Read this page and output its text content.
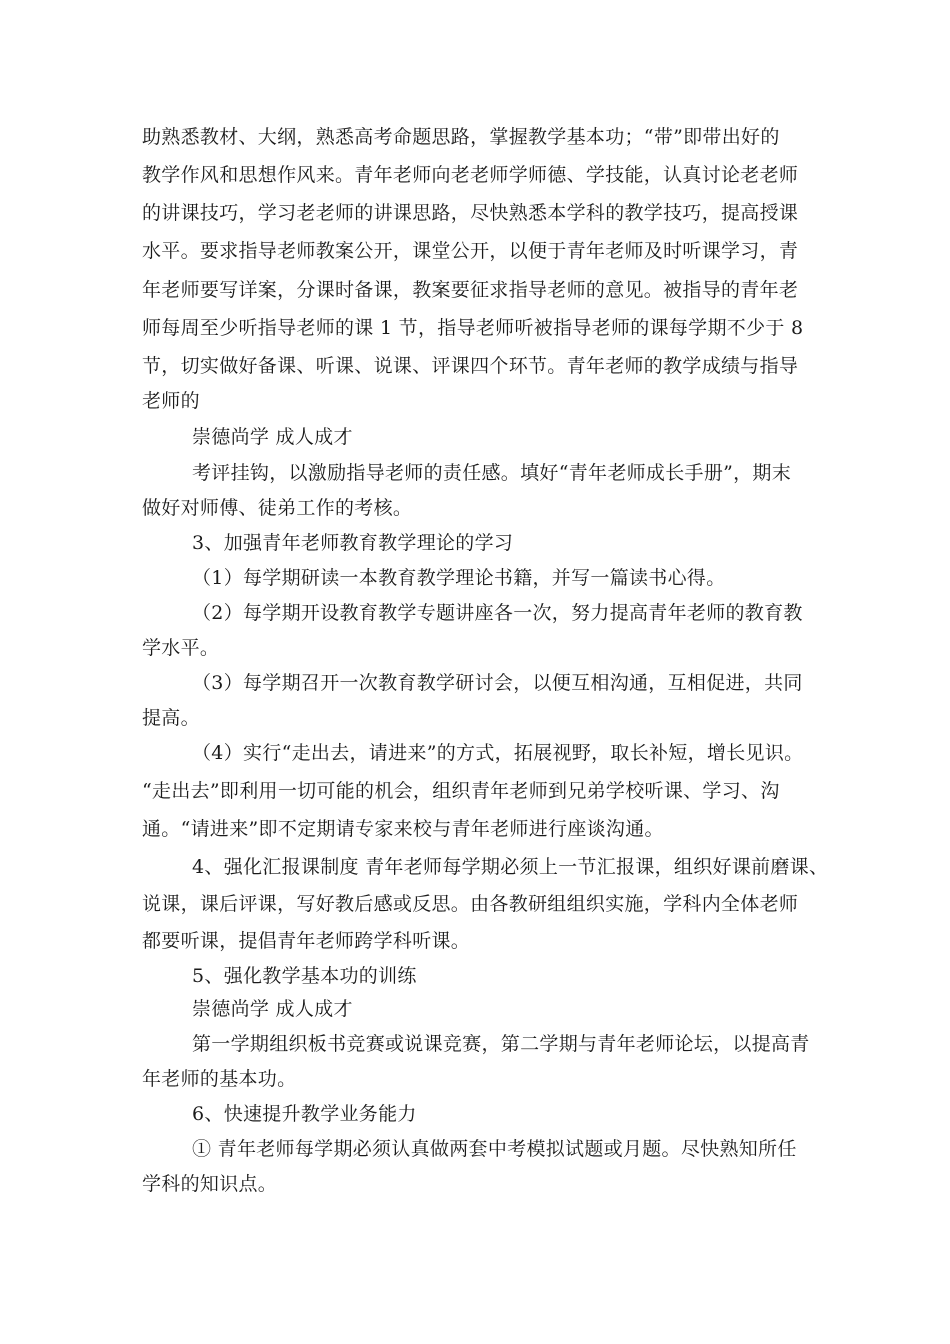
助熟悉教材、大纲，熟悉高考命题思路，掌握教学基本功；“带”即带出好的
教学作风和思想作风来。青年老师向老老师学师德、学技能，认真讨论老老师
的讲课技巧，学习老老师的讲课思路，尽快熟悉本学科的教学技巧，提高授课
水平。要求指导老师教案公开，课堂公开，以便于青年老师及时听课学习，青
年老师要写详案，分课时备课，教案要征求指导老师的意见。被指导的青年老
师每周至少听指导老师的课 1 节，指导老师听被指导老师的课每学期不少于 8
节，切实做好备课、听课、说课、评课四个环节。青年老师的教学成绩与指导
老师的
崇德尚学 成人成才
考评挂钩，以激励指导老师的责任感。填好“青年老师成长手册”，期末
做好对师傅、徒弟工作的考核。
3、加强青年老师教育教学理论的学习
（1）每学期研读一本教育教学理论书籍，并写一篇读书心得。
（2）每学期开设教育教学专题讲座各一次，努力提高青年老师的教育教
学水平。
（3）每学期召开一次教育教学研讨会，以便互相沟通，互相促进，共同
提高。
（4）实行“走出去，请进来”的方式，拓展视野，取长补短，增长见识。
“走出去”即利用一切可能的机会，组织青年老师到兄弟学校听课、学习、沟
通。“请进来”即不定期请专家来校与青年老师进行座谈沟通。
4、强化汇报课制度 青年老师每学期必须上一节汇报课，组织好课前磨课、
说课，课后评课，写好教后感或反思。由各教研组组织实施，学科内全体老师
都要听课，提倡青年老师跨学科听课。
5、强化教学基本功的训练
崇德尚学 成人成才
第一学期组织板书竞赛或说课竞赛，第二学期与青年老师论坛，以提高青
年老师的基本功。
6、快速提升教学业务能力
① 青年老师每学期必须认真做两套中考模拟试题或月题。尽快熟知所任
学科的知识点。
